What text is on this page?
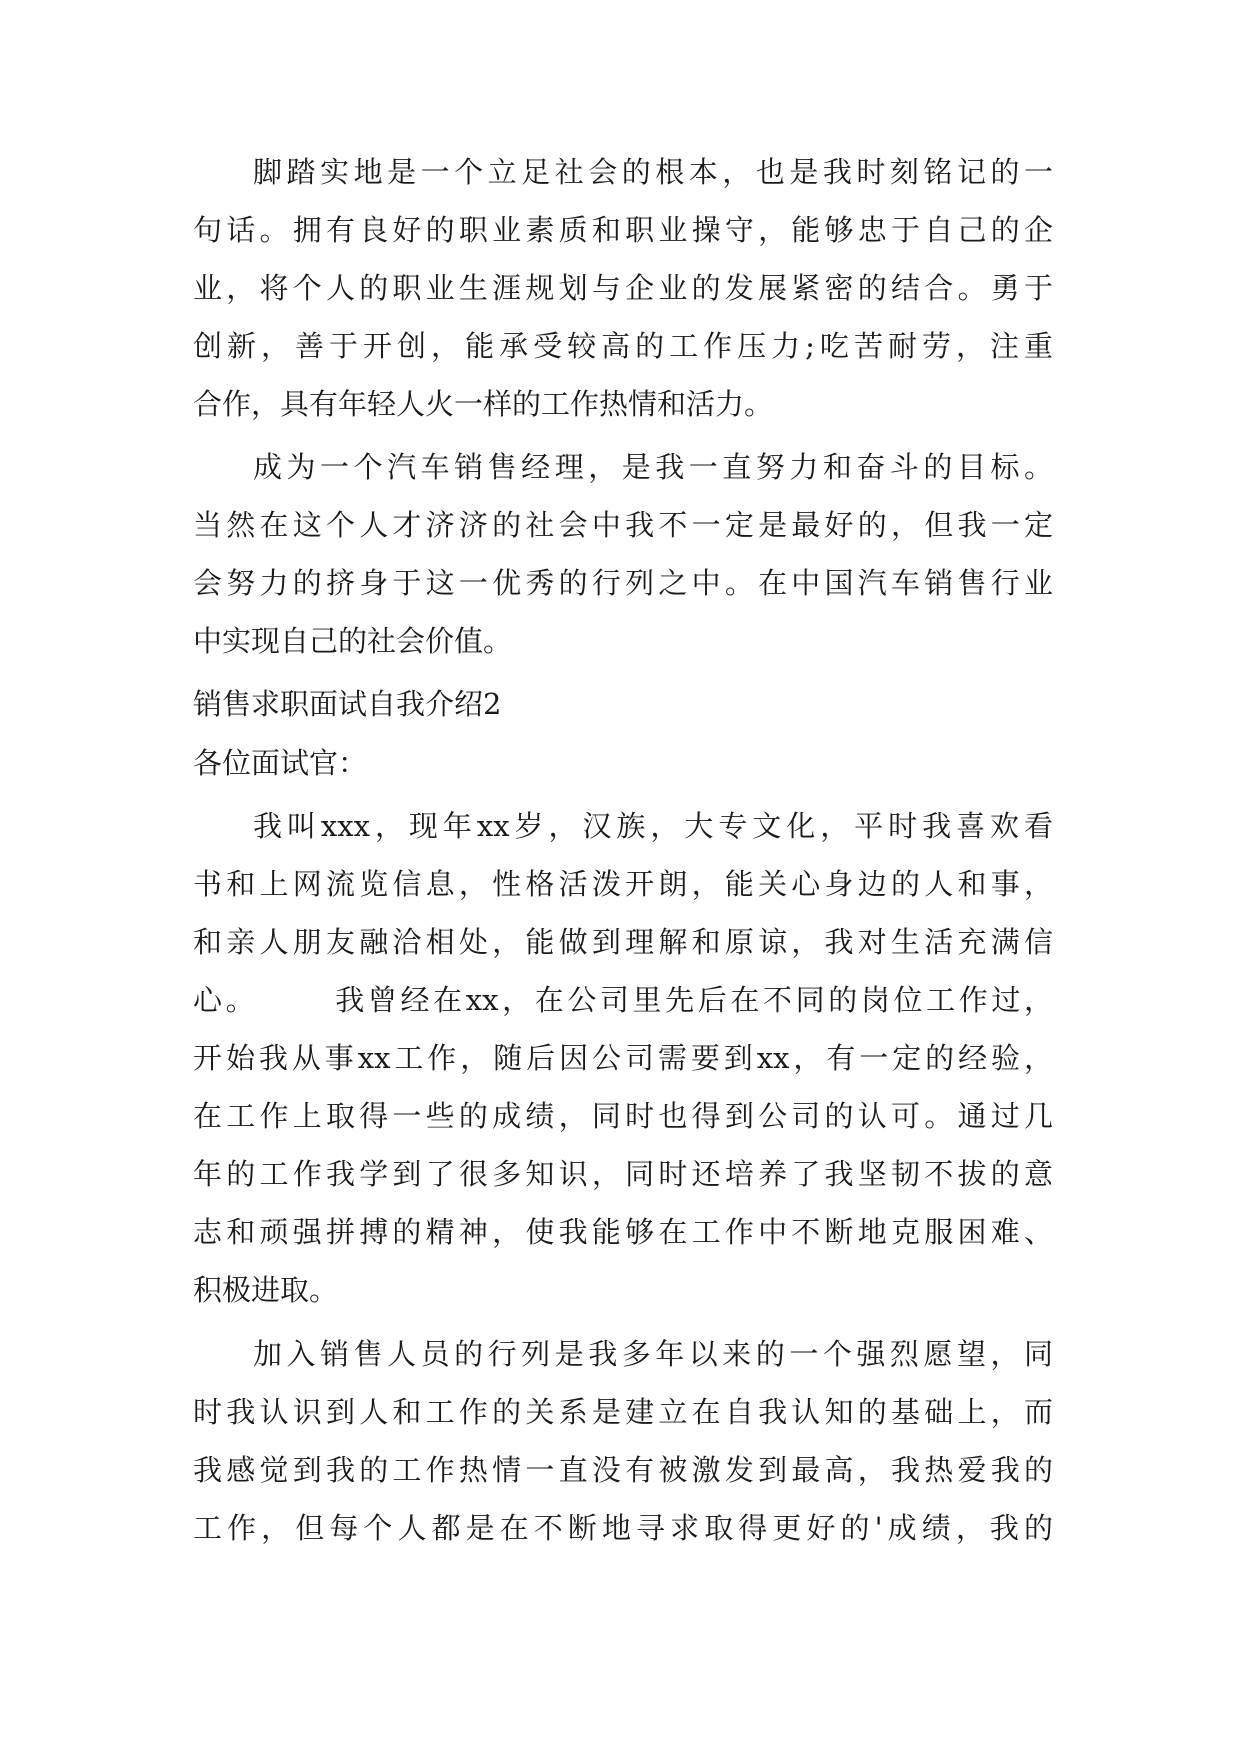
脚踏实地是一个立足社会的根本，也是我时刻铭记的一
句话。拥有良好的职业素质和职业操守，能够忠于自己的企
业，将个人的职业生涯规划与企业的发展紧密的结合。勇于
创新，善于开创，能承受较高的工作压力;吃苦耐劳，注重
合作，具有年轻人火一样的工作热情和活力。
成为一个汽车销售经理，是我一直努力和奋斗的目标。
当然在这个人才济济的社会中我不一定是最好的，但我一定
会努力的挤身于这一优秀的行列之中。在中国汽车销售行业
中实现自己的社会价值。
销售求职面试自我介绍2
各位面试官：
我叫xxx，现年xx岁，汉族，大专文化，平时我喜欢看
书和上网流览信息，性格活泼开朗，能关心身边的人和事，
和亲人朋友融洽相处，能做到理解和原谅，我对生活充满信
心。      我曾经在xx，在公司里先后在不同的岗位工作过，
开始我从事xx工作，随后因公司需要到xx，有一定的经验，
在工作上取得一些的成绩，同时也得到公司的认可。通过几
年的工作我学到了很多知识，同时还培养了我坚韧不拔的意
志和顽强拼搏的精神，使我能够在工作中不断地克服困难、
积极进取。
加入销售人员的行列是我多年以来的一个强烈愿望，同
时我认识到人和工作的关系是建立在自我认知的基础上，而
我感觉到我的工作热情一直没有被激发到最高，我热爱我的
工作，但每个人都是在不断地寻求取得更好的'成绩，我的
